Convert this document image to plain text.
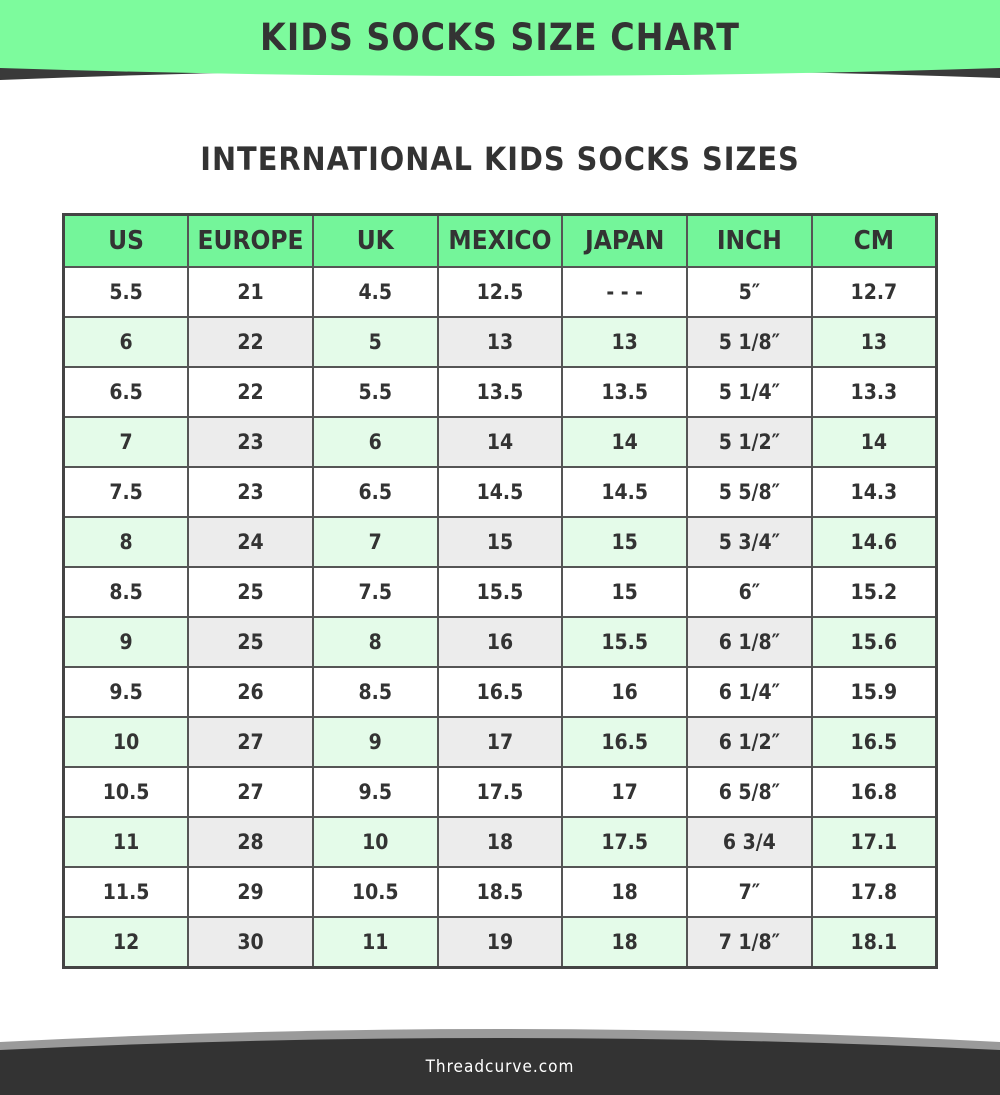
KIDS SOCKS SIZE CHART
INTERNATIONAL KIDS SOCKS SIZES
US	EUROPE	UK	MEXICO	JAPAN	INCH	CM
5.5	21	4.5	12.5	- - -	5″	12.7
6	22	5	13	13	5 1/8″	13
6.5	22	5.5	13.5	13.5	5 1/4″	13.3
7	23	6	14	14	5 1/2″	14
7.5	23	6.5	14.5	14.5	5 5/8″	14.3
8	24	7	15	15	5 3/4″	14.6
8.5	25	7.5	15.5	15	6″	15.2
9	25	8	16	15.5	6 1/8″	15.6
9.5	26	8.5	16.5	16	6 1/4″	15.9
10	27	9	17	16.5	6 1/2″	16.5
10.5	27	9.5	17.5	17	6 5/8″	16.8
11	28	10	18	17.5	6 3/4	17.1
11.5	29	10.5	18.5	18	7″	17.8
12	30	11	19	18	7 1/8″	18.1
Threadcurve.com
